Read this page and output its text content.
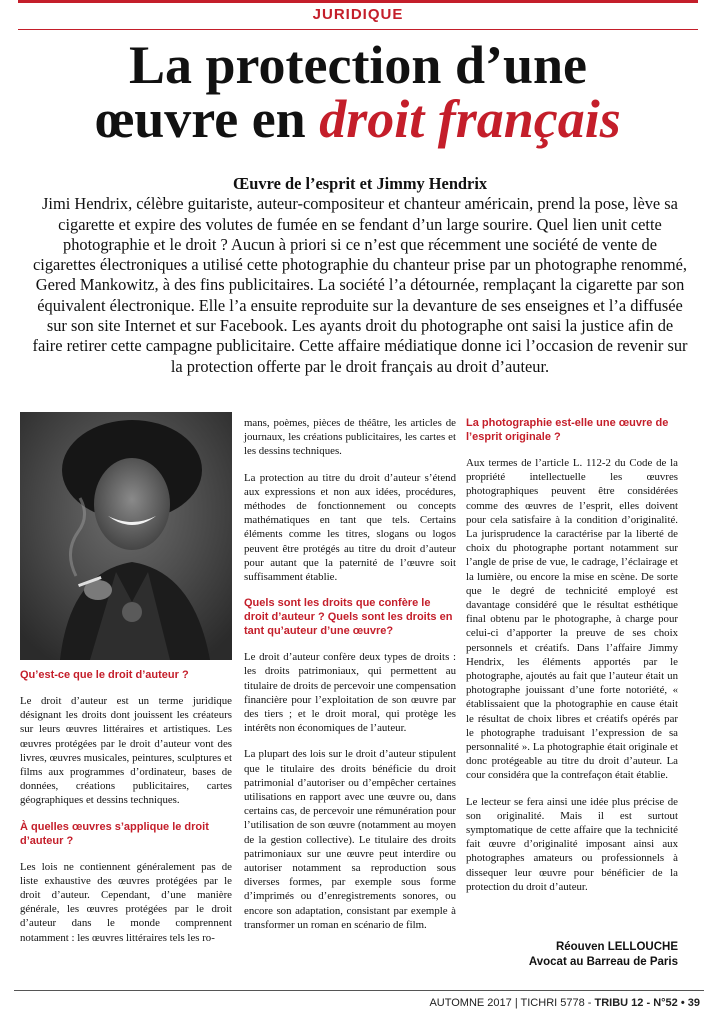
JURIDIQUE
La protection d’une
œuvre en droit français
Œuvre de l’esprit et Jimmy Hendrix
Jimi Hendrix, célèbre guitariste, auteur-compositeur et chanteur américain, prend la pose, lève sa cigarette et expire des volutes de fumée en se fendant d’un large sourire. Quel lien unit cette photographie et le droit ? Aucun à priori si ce n’est que récemment une société de vente de cigarettes électroniques a utilisé cette photographie du chanteur prise par un photographe renommé, Gered Mankowitz, à des fins publicitaires. La société l’a détournée, remplaçant la cigarette par son équivalent électronique. Elle l’a ensuite reproduite sur la devanture de ses enseignes et l’a diffusée sur son site Internet et sur Facebook. Les ayants droit du photographe ont saisi la justice afin de faire retirer cette campagne publicitaire. Cette affaire médiatique donne ici l’occasion de revenir sur la protection offerte par le droit français au droit d’auteur.
Qu’est-ce que le droit d’auteur ?
Le droit d’auteur est un terme juridique désignant les droits dont jouissent les créateurs sur leurs œuvres littéraires et artistiques. Les œuvres protégées par le droit d’auteur vont des livres, œuvres musicales, peintures, sculptures et films aux programmes d’ordinateur, bases de données, créations publicitaires, cartes géographiques et dessins techniques.
À quelles œuvres s’applique le droit d’auteur ?
Les lois ne contiennent généralement pas de liste exhaustive des œuvres protégées par le droit d’auteur. Cependant, d’une manière générale, les œuvres protégées par le droit d’auteur dans le monde comprennent notamment : les œuvres littéraires tels les ro-
mans, poèmes, pièces de théâtre, les articles de journaux, les créations publicitaires, les cartes et les dessins techniques.
La protection au titre du droit d’auteur s’étend aux expressions et non aux idées, procédures, méthodes de fonctionnement ou concepts mathématiques en tant que tels. Certains éléments comme les titres, slogans ou logos peuvent être protégés au titre du droit d’auteur pour autant que la paternité de l’œuvre soit suffisamment établie.
Quels sont les droits que confère le droit d’auteur ? Quels sont les droits en tant qu’auteur d’une œuvre?
Le droit d’auteur confère deux types de droits : les droits patrimoniaux, qui permettent au titulaire de droits de percevoir une compensation financière pour l’exploitation de son œuvre par des tiers ; et le droit moral, qui protège les intérêts non économiques de l’auteur.
La plupart des lois sur le droit d’auteur stipulent que le titulaire des droits bénéficie du droit patrimonial d’autoriser ou d’empêcher certaines utilisations en rapport avec une œuvre ou, dans certains cas, de percevoir une rémunération pour l’utilisation de son œuvre (notamment au moyen de la gestion collective). Le titulaire des droits patrimoniaux sur une œuvre peut interdire ou autoriser notamment sa reproduction sous diverses formes, par exemple sous forme d’imprimés ou d’enregistrements sonores, ou encore son adaptation, consistant par exemple à transformer un roman en scénario de film.
La photographie est-elle une œuvre de l’esprit originale ?
Aux termes de l’article L. 112-2 du Code de la propriété intellectuelle les œuvres photographiques peuvent être considérées comme des œuvres de l’esprit, elles doivent pour cela satisfaire à la condition d’originalité. La jurisprudence la caractérise par la liberté de choix du photographe portant notamment sur l’angle de prise de vue, le cadrage, l’éclairage et la lumière, ou encore la mise en scène. De sorte que le degré de technicité employé est davantage considéré que le résultat esthétique final obtenu par le photographe, à charge pour celui-ci d’apporter la preuve de ses choix personnels et créatifs. Dans l’affaire Jimmy Hendrix, les éléments apportés par le photographe, ajoutés au fait que l’auteur était un photographe jouissant d’une forte notoriété, « établissaient que la photographie en cause était le résultat de choix libres et créatifs opérés par le photographe traduisant l’expression de sa personnalité ». La photographie était originale et donc protégeable au titre du droit d’auteur. La cour considéra que la contrefaçon était établie.
Le lecteur se fera ainsi une idée plus précise de son originalité. Mais il est surtout symptomatique de cette affaire que la technicité fait œuvre d’originalité imposant ainsi aux photographes amateurs ou professionnels à dissequer leur œuvre pour bénéficier de la protection du droit d’auteur.
Réouven LELLOUCHE
Avocat au Barreau de Paris
AUTOMNE 2017 | TICHRI 5778 - TRIBU 12 - N°52 • 39
